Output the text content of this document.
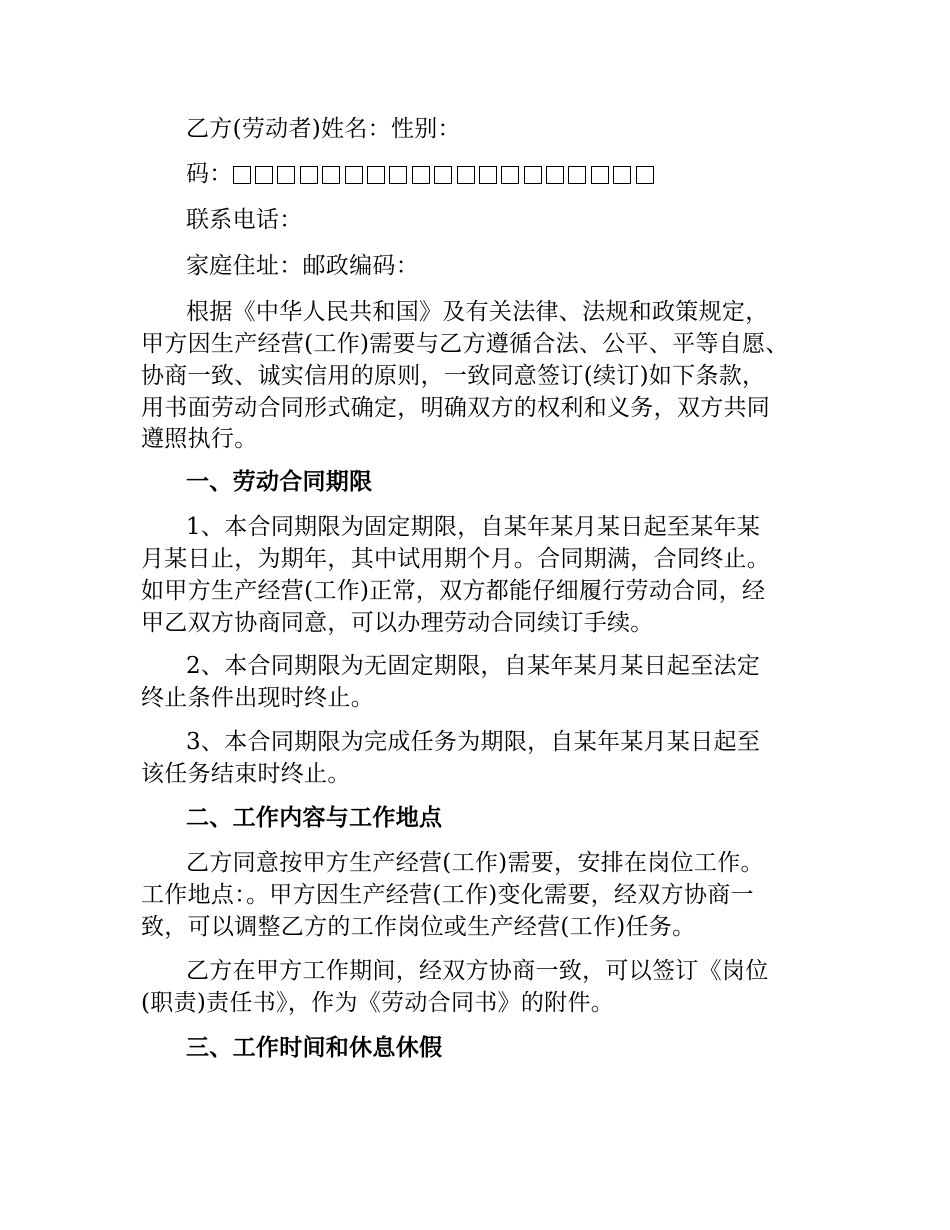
乙方(劳动者)姓名：性别：
码：
联系电话：
家庭住址：邮政编码：
根据《中华人民共和国》及有关法律、法规和政策规定，
甲方因生产经营(工作)需要与乙方遵循合法、公平、平等自愿、
协商一致、诚实信用的原则，一致同意签订(续订)如下条款，
用书面劳动合同形式确定，明确双方的权利和义务，双方共同
遵照执行。
一、劳动合同期限
1、本合同期限为固定期限，自某年某月某日起至某年某
月某日止，为期年，其中试用期个月。合同期满，合同终止。
如甲方生产经营(工作)正常，双方都能仔细履行劳动合同，经
甲乙双方协商同意，可以办理劳动合同续订手续。
2、本合同期限为无固定期限，自某年某月某日起至法定
终止条件出现时终止。
3、本合同期限为完成任务为期限，自某年某月某日起至
该任务结束时终止。
二、工作内容与工作地点
乙方同意按甲方生产经营(工作)需要，安排在岗位工作。
工作地点：。甲方因生产经营(工作)变化需要，经双方协商一
致，可以调整乙方的工作岗位或生产经营(工作)任务。
乙方在甲方工作期间，经双方协商一致，可以签订《岗位
(职责)责任书》，作为《劳动合同书》的附件。
三、工作时间和休息休假
